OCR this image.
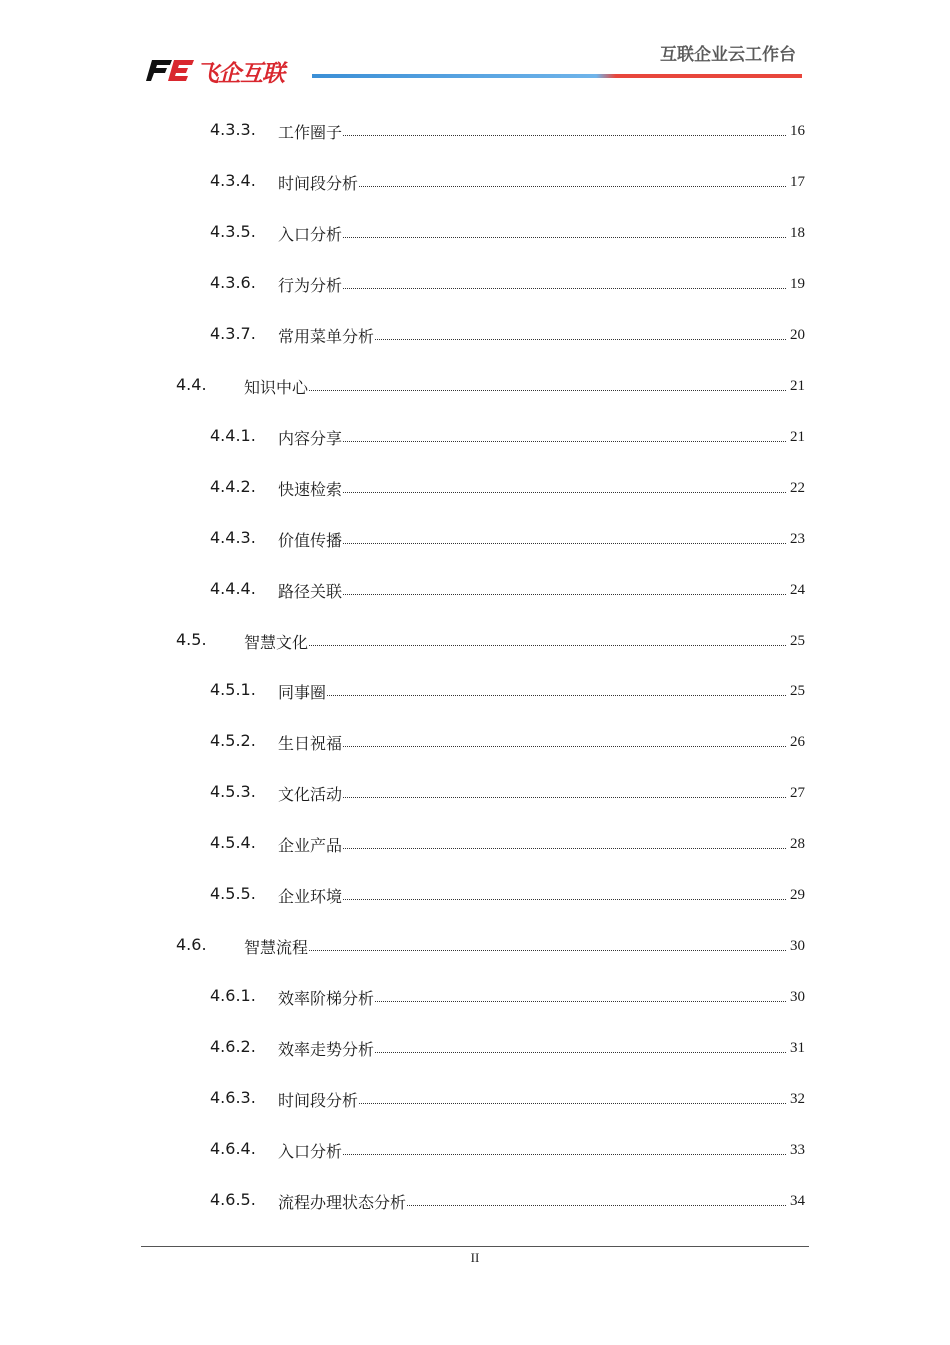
飞企互联
互联企业云工作台
4.3.3. 工作圈子	16
4.3.4. 时间段分析	17
4.3.5. 入口分析	18
4.3.6. 行为分析	19
4.3.7. 常用菜单分析	20
4.4. 知识中心	21
4.4.1. 内容分享	21
4.4.2. 快速检索	22
4.4.3. 价值传播	23
4.4.4. 路径关联	24
4.5. 智慧文化	25
4.5.1. 同事圈	25
4.5.2. 生日祝福	26
4.5.3. 文化活动	27
4.5.4. 企业产品	28
4.5.5. 企业环境	29
4.6. 智慧流程	30
4.6.1. 效率阶梯分析	30
4.6.2. 效率走势分析	31
4.6.3. 时间段分析	32
4.6.4. 入口分析	33
4.6.5. 流程办理状态分析	34
II
